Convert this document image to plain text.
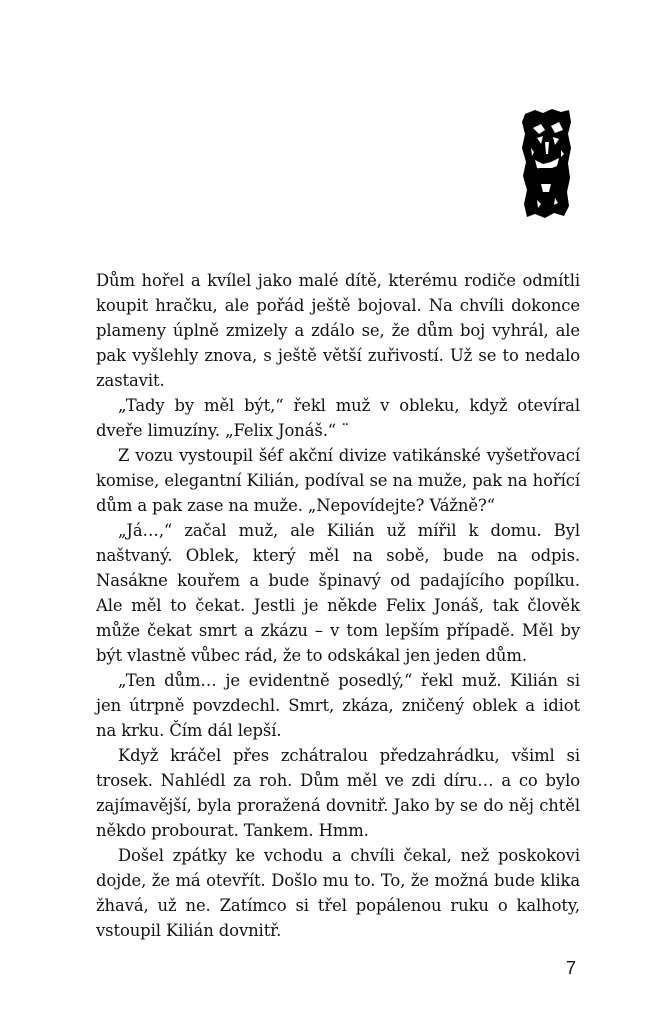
Dům hořel a kvílel jako malé dítě, kterému rodiče odmítli koupit hračku, ale pořád ještě bojoval. Na chvíli dokonce plameny úplně zmizely a zdálo se, že dům boj vyhrál, ale pak vyšlehly znova, s ještě větší zuřivostí. Už se to nedalo zastavit.

„Tady by měl být,“ řekl muž v obleku, když otevíral dveře limuzíny. „Felix Jonáš.“ ¨

Z vozu vystoupil šéf akční divize vatikánské vyšetřovací komise, elegantní Kilián, podíval se na muže, pak na hořící dům a pak zase na muže. „Nepovídejte? Vážně?“

„Já…,“ začal muž, ale Kilián už mířil k domu. Byl naštvaný. Oblek, který měl na sobě, bude na odpis. Nasákne kouřem a bude špinavý od padajícího popílku. Ale měl to čekat. Jestli je někde Felix Jonáš, tak člověk může čekat smrt a zkázu – v tom lepším případě. Měl by být vlastně vůbec rád, že to odskákal jen jeden dům.

„Ten dům… je evidentně posedlý,“ řekl muž. Kilián si jen útrpně povzdechl. Smrt, zkáza, zničený oblek a idiot na krku. Čím dál lepší.

Když kráčel přes zchátralou předzahrádku, všiml si trosek. Nahlédl za roh. Dům měl ve zdi díru… a co bylo zajímavější, byla proražená dovnitř. Jako by se do něj chtěl někdo probourat. Tankem. Hmm.

Došel zpátky ke vchodu a chvíli čekal, než poskokovi dojde, že má otevřít. Došlo mu to. To, že možná bude klika žhavá, už ne. Zatímco si třel popálenou ruku o kalhoty, vstoupil Kilián dovnitř.

7
